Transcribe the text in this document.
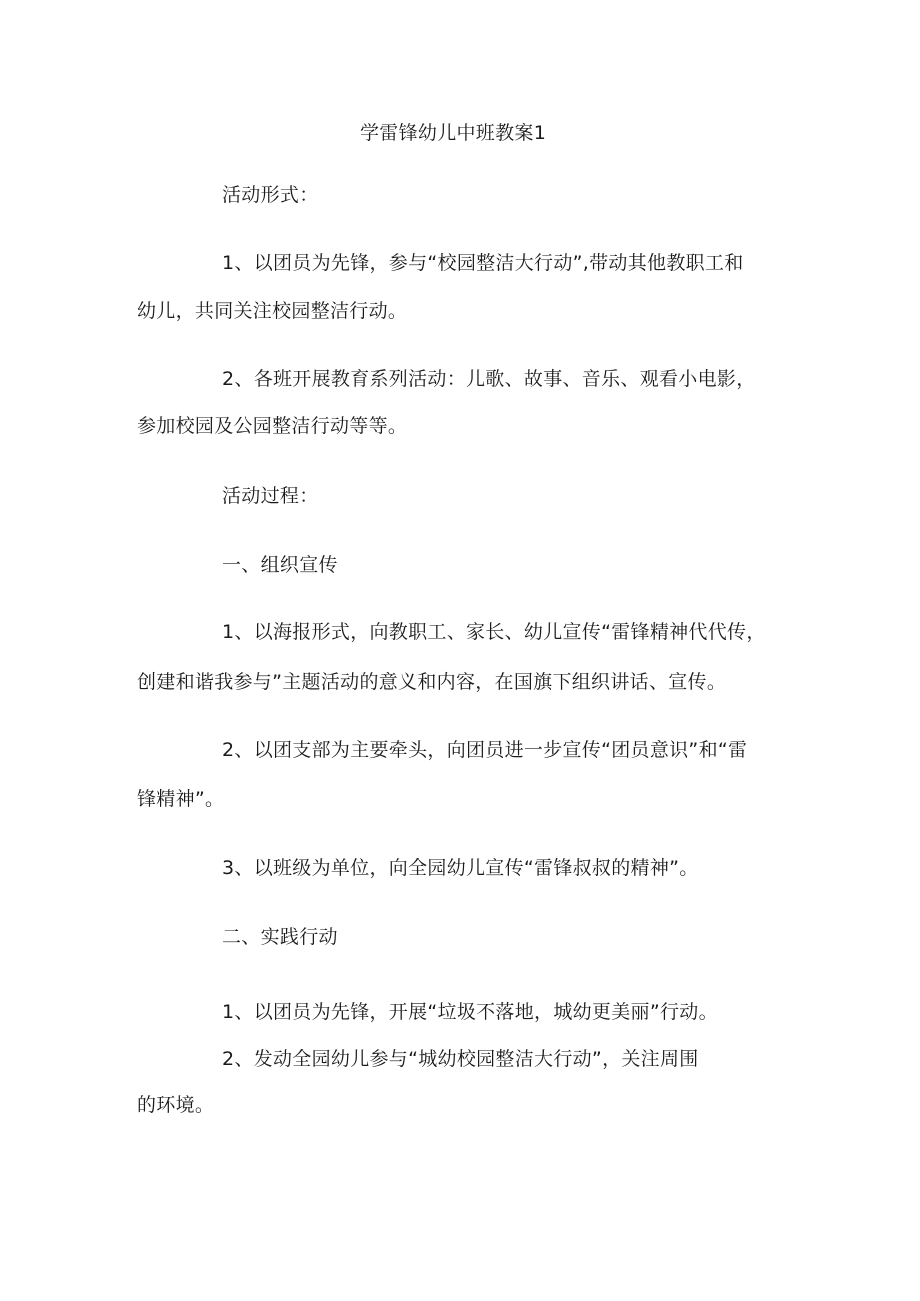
学雷锋幼儿中班教案1
活动形式：
1、以团员为先锋，参与“校园整洁大行动”,带动其他教职工和
幼儿，共同关注校园整洁行动。
2、各班开展教育系列活动：儿歌、故事、音乐、观看小电影，
参加校园及公园整洁行动等等。
活动过程：
一、组织宣传
1、以海报形式，向教职工、家长、幼儿宣传“雷锋精神代代传，
创建和谐我参与”主题活动的意义和内容，在国旗下组织讲话、宣传。
2、以团支部为主要牵头，向团员进一步宣传“团员意识”和“雷
锋精神”。
3、以班级为单位，向全园幼儿宣传“雷锋叔叔的精神”。
二、实践行动
1、以团员为先锋，开展“垃圾不落地，城幼更美丽”行动。
2、发动全园幼儿参与“城幼校园整洁大行动”，关注周围
的环境。
